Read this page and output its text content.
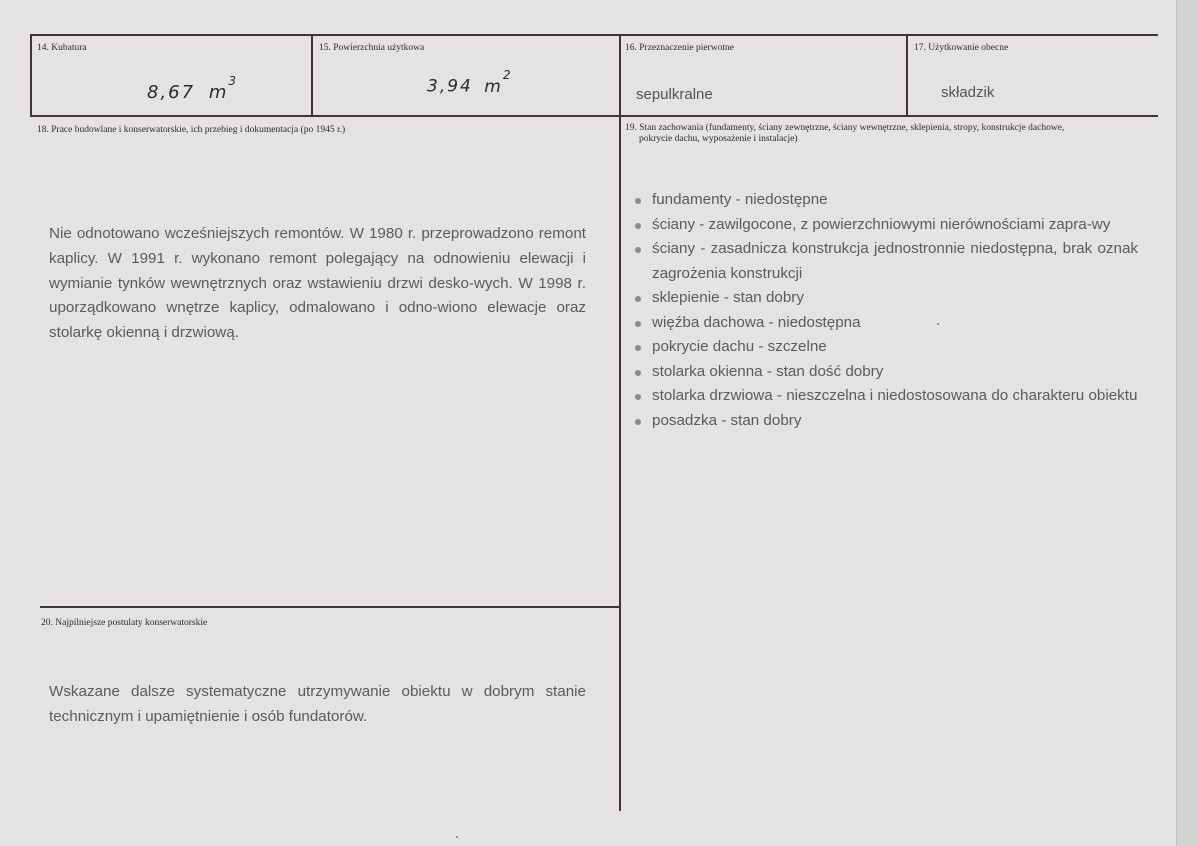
14. Kubatura
8,67 $m^3$
15. Powierzchnia użytkowa
3,94 $m^2$
16. Przeznaczenie pierwotne
sepulkralne
17. Użytkowanie obecne
składzik
18. Prace budowlane i konserwatorskie, ich przebieg i dokumentacja (po 1945 r.)
Nie odnotowano wcześniejszych remontów. W 1980 r. przeprowadzono remont kaplicy. W 1991 r. wykonano remont polegający na odnowieniu elewacji i wymianie tynków wewnętrznych oraz wstawieniu drzwi desko-wych. W 1998 r. uporządkowano wnętrze kaplicy, odmalowano i odno-wiono elewacje oraz stolarkę okienną i drzwiową.
19. Stan zachowania (fundamenty, ściany zewnętrzne, ściany wewnętrzne, sklepienia, stropy, konstrukcje dachowe,
pokrycie dachu, wyposażenie i instalacje)
fundamenty - niedostępne
ściany - zawilgocone, z powierzchniowymi nierównościami zapra-wy
ściany - zasadnicza konstrukcja jednostronnie niedostępna, brak oznak zagrożenia konstrukcji
sklepienie - stan dobry
więźba dachowa - niedostępna
pokrycie dachu - szczelne
stolarka okienna - stan dość dobry
stolarka drzwiowa - nieszczelna i niedostosowana do charakteru obiektu
posadzka - stan dobry
20. Najpilniejsze postulaty konserwatorskie
Wskazane dalsze systematyczne utrzymywanie obiektu w dobrym stanie technicznym i upamiętnienie i osób fundatorów.
